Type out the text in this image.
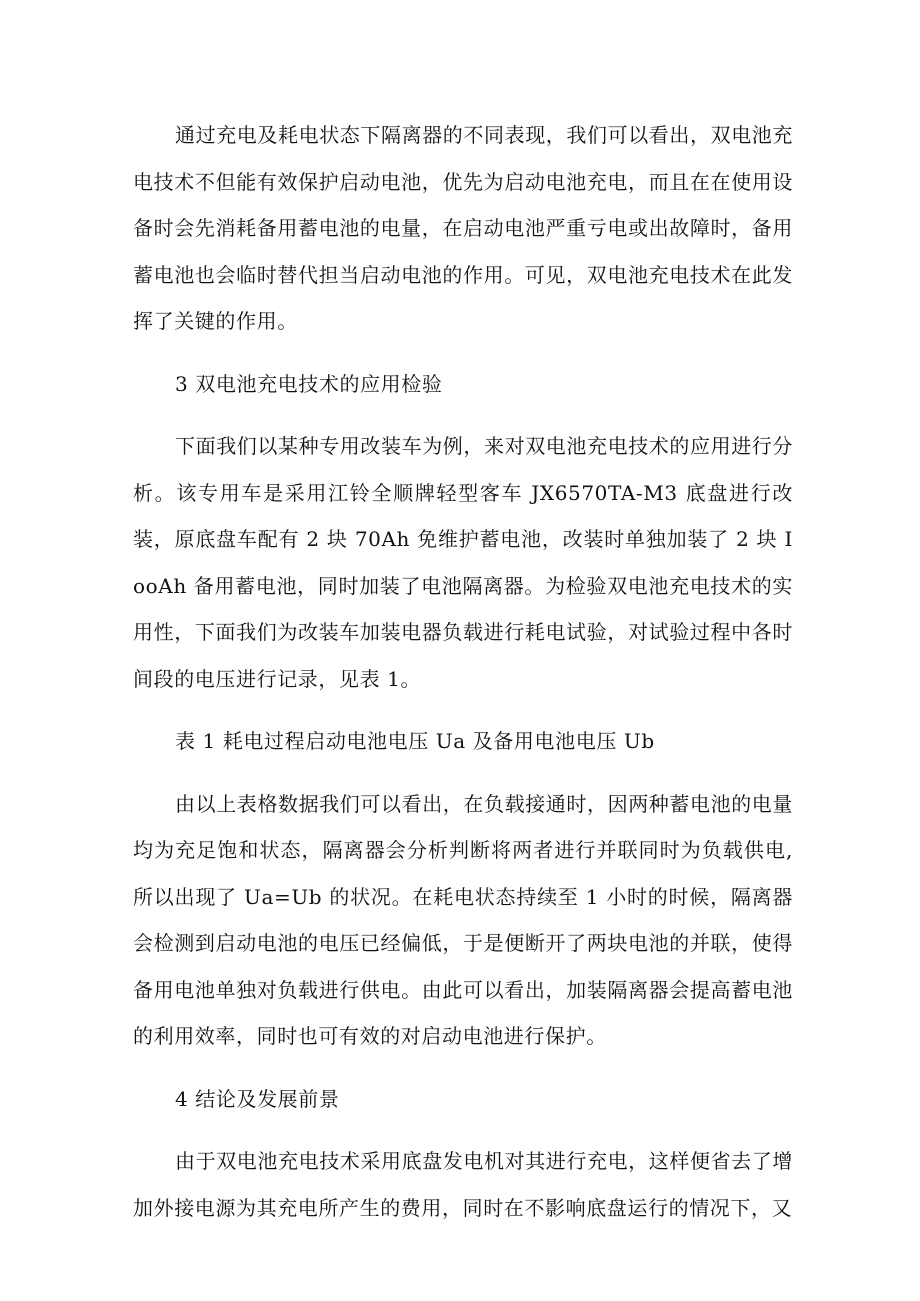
通过充电及耗电状态下隔离器的不同表现，我们可以看出，双电池充电技术不但能有效保护启动电池，优先为启动电池充电，而且在在使用设备时会先消耗备用蓄电池的电量，在启动电池严重亏电或出故障时，备用蓄电池也会临时替代担当启动电池的作用。可见，双电池充电技术在此发挥了关键的作用。

3 双电池充电技术的应用检验

下面我们以某种专用改装车为例，来对双电池充电技术的应用进行分析。该专用车是采用江铃全顺牌轻型客车 JX6570TA-M3 底盘进行改装，原底盘车配有 2 块 70Ah 免维护蓄电池，改装时单独加装了 2 块 IooAh 备用蓄电池，同时加装了电池隔离器。为检验双电池充电技术的实用性，下面我们为改装车加装电器负载进行耗电试验，对试验过程中各时间段的电压进行记录，见表 1。

表 1 耗电过程启动电池电压 Ua 及备用电池电压 Ub

由以上表格数据我们可以看出，在负载接通时，因两种蓄电池的电量均为充足饱和状态，隔离器会分析判断将两者进行并联同时为负载供电,所以出现了 Ua=Ub 的状况。在耗电状态持续至 1 小时的时候，隔离器会检测到启动电池的电压已经偏低，于是便断开了两块电池的并联，使得备用电池单独对负载进行供电。由此可以看出，加装隔离器会提高蓄电池的利用效率，同时也可有效的对启动电池进行保护。

4 结论及发展前景

由于双电池充电技术采用底盘发电机对其进行充电，这样便省去了增加外接电源为其充电所产生的费用，同时在不影响底盘运行的情况下，又
